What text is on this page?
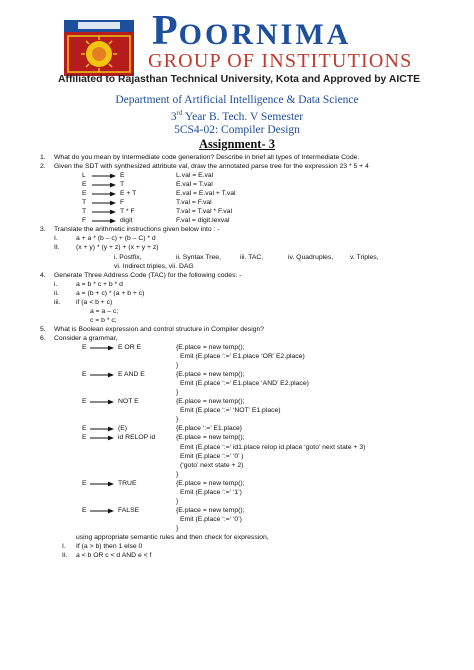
POORNIMA
GROUP OF INSTITUTIONS
Affiliated to Rajasthan Technical University, Kota and Approved by AICTE
Department of Artificial Intelligence & Data Science
3rd Year B. Tech. V Semester
5CS4-02: Compiler Design
Assignment- 3
1. What do you mean by Intermediate code generation? Describe in brief all types of Intermediate Code.
2. Given the SDT with synthesized attribute val, draw the annotated parse tree for the expression 23 * 5 + 4
L	E	L.val = E.val
E	T	E.val = T.val
E	E + T	E.val = E.val + T.val
T	F	T.val = F.val
T	T * F	T.val = T.val * F.val
F	digit	F.val = digit.lexval
3. Translate the arithmetic instructions given below into : -
I.	a + a * (b – c) + (b – C) * d
II. (x + y) * (y + z) + (x + y + z)
i. Postfix,	ii. Syntax Tree,	iii. TAC,	iv. Quadruples, v. Triples,
vi. Indirect triples, vii. DAG
4. Generate Three Address Code (TAC) for the following codes: -
i.	a = b * c + b * d
ii.	a = (b + c) * (a + b + c)
iii. if (a < b + c)
a = a – c;
c = b * c;
5. What is Boolean expression and control structure in Compiler design?
6. Consider a grammar,
E	E OR E	{E.place = new temp();
Emit (E.place ‘:=’ E1.place ‘OR’ E2.place)
}
E	E AND E	{E.place = new temp();
Emit (E.place ‘:=’ E1.place ‘AND’ E2.place)
}
E	NOT E	{E.place = new temp();
Emit (E.place ‘:=’ ‘NOT’ E1.place)
}
E	(E)	{E.place ‘:=’ E1.place}
E	id RELOP id	{E.place = new temp();
Emit (E.place ‘:=’ id1.place relop id.place ‘goto’ next state + 3)
Emit (E.place ‘:=’ ‘0’ )
(‘goto’ next state + 2)
}
E	TRUE	{E.place = new temp();
Emit (E.place ‘:=’ ‘1’)
}
E	FALSE	{E.place = new temp();
Emit (E.place ‘:=’ ‘0’)
}
using appropriate semantic rules and then check for expression,
I. If (a > b) then 1 else 0
II. a < b OR c < d AND e < f
